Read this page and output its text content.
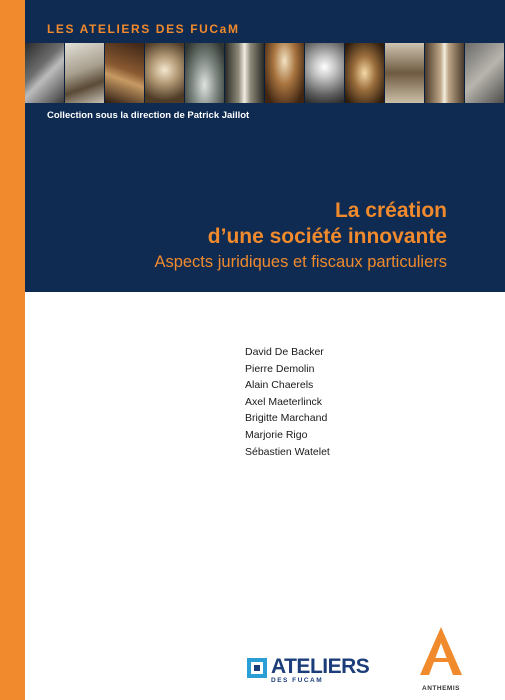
LES ATELIERS DES FUCaM
Collection sous la direction de Patrick Jaillot
La création
d’une société innovante
Aspects juridiques et fiscaux particuliers
David De Backer
Pierre Demolin
Alain Chaerels
Axel Maeterlinck
Brigitte Marchand
Marjorie Rigo
Sébastien Watelet
ATELIERS
DES FUCAM
ANTHEMIS
